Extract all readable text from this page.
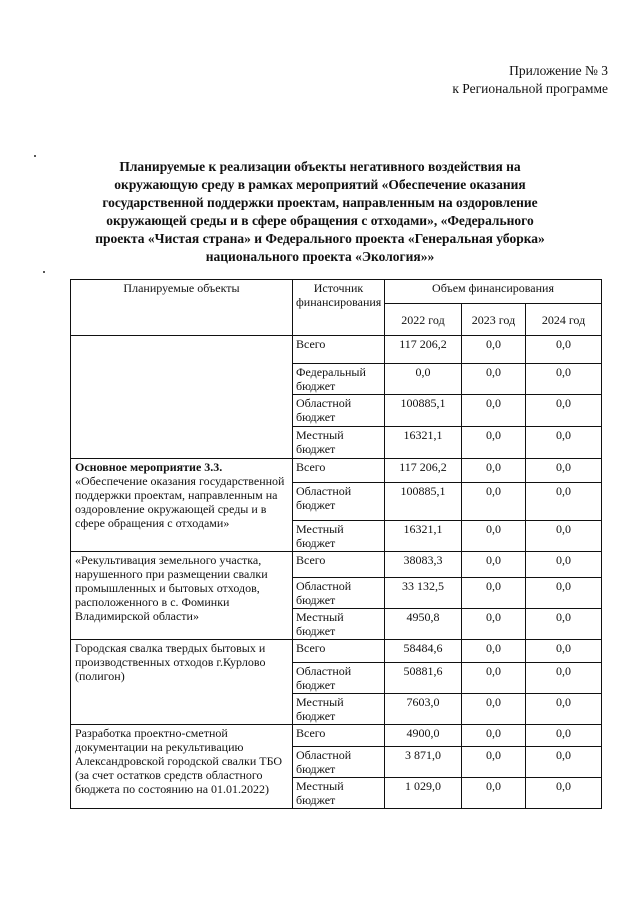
Приложение № 3
к Региональной программе
Планируемые к реализации объекты негативного воздействия на
окружающую среду в рамках мероприятий «Обеспечение оказания
государственной поддержки проектам, направленным на оздоровление
окружающей среды и в сфере обращения с отходами», «Федерального
проекта «Чистая страна» и Федерального проекта «Генеральная уборка»
национального проекта «Экология»»
Планируемые объекты	Источник финансирования	Объем финансирования		
		2022 год	2023 год	2024 год

	Всего	117 206,2	0,0	0,0
	Федеральный бюджет	0,0	0,0	0,0
	Областной бюджет	100885,1	0,0	0,0
	Местный бюджет	16321,1	0,0	0,0

Основное мероприятие 3.3.
«Обеспечение оказания государственной поддержки проектам, направленным на оздоровление окружающей среды и в сфере обращения с отходами»	Всего	117 206,2	0,0	0,0
	Областной бюджет	100885,1	0,0	0,0
	Местный бюджет	16321,1	0,0	0,0

«Рекультивация земельного участка, нарушенного при размещении свалки промышленных и бытовых отходов, расположенного в с. Фоминки Владимирской области»	Всего	38083,3	0,0	0,0
	Областной бюджет	33 132,5	0,0	0,0
	Местный бюджет	4950,8	0,0	0,0

Городская свалка твердых бытовых и производственных отходов г.Курлово (полигон)	Всего	58484,6	0,0	0,0
	Областной бюджет	50881,6	0,0	0,0
	Местный бюджет	7603,0	0,0	0,0

Разработка проектно-сметной документации на рекультивацию Александровской городской свалки ТБО (за счет остатков средств областного бюджета по состоянию на 01.01.2022)	Всего	4900,0	0,0	0,0
	Областной бюджет	3 871,0	0,0	0,0
	Местный бюджет	1 029,0	0,0	0,0
